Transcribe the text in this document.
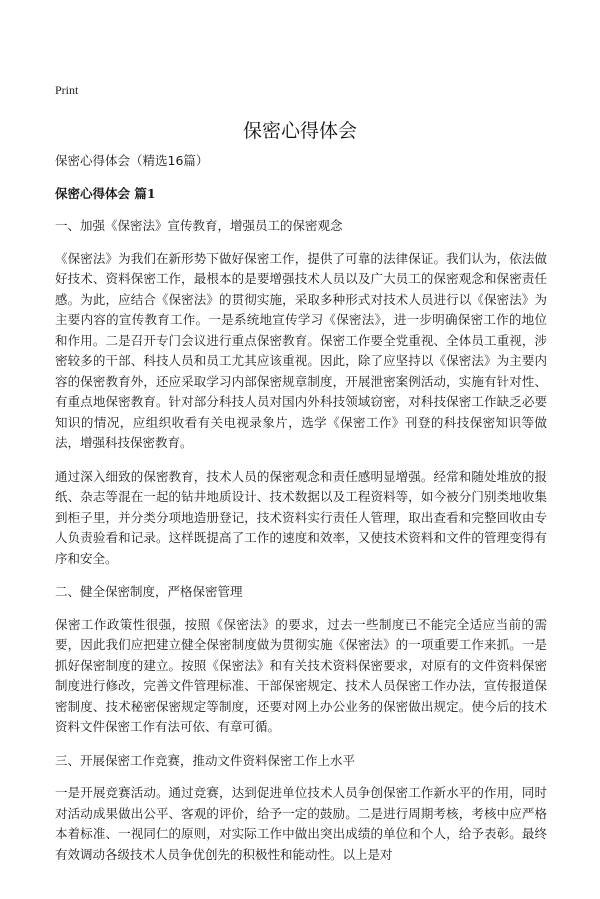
Print
保密心得体会

保密心得体会（精选16篇）

保密心得体会 篇1

一、加强《保密法》宣传教育，增强员工的保密观念

《保密法》为我们在新形势下做好保密工作，提供了可靠的法律保证。我们认为，依法做好技术、资料保密工作，最根本的是要增强技术人员以及广大员工的保密观念和保密责任感。为此，应结合《保密法》的贯彻实施，采取多种形式对技术人员进行以《保密法》为主要内容的宣传教育工作。一是系统地宣传学习《保密法》，进一步明确保密工作的地位和作用。二是召开专门会议进行重点保密教育。保密工作要全党重视、全体员工重视，涉密较多的干部、科技人员和员工尤其应该重视。因此，除了应坚持以《保密法》为主要内容的保密教育外，还应采取学习内部保密规章制度，开展泄密案例活动，实施有针对性、有重点地保密教育。针对部分科技人员对国内外科技领域窃密，对科技保密工作缺乏必要知识的情况，应组织收看有关电视录象片，选学《保密工作》刊登的科技保密知识等做法，增强科技保密教育。

通过深入细致的保密教育，技术人员的保密观念和责任感明显增强。经常和随处堆放的报纸、杂志等混在一起的钻井地质设计、技术数据以及工程资料等，如今被分门别类地收集到柜子里，并分类分项地造册登记，技术资料实行责任人管理，取出查看和完整回收由专人负责验看和记录。这样既提高了工作的速度和效率，又使技术资料和文件的管理变得有序和安全。

二、健全保密制度，严格保密管理

保密工作政策性很强，按照《保密法》的要求，过去一些制度已不能完全适应当前的需要，因此我们应把建立健全保密制度做为贯彻实施《保密法》的一项重要工作来抓。一是抓好保密制度的建立。按照《保密法》和有关技术资料保密要求，对原有的文件资料保密制度进行修改，完善文件管理标准、干部保密规定、技术人员保密工作办法，宣传报道保密制度、技术秘密保密规定等制度，还要对网上办公业务的保密做出规定。使今后的技术资料文件保密工作有法可依、有章可循。

三、开展保密工作竞赛，推动文件资料保密工作上水平

一是开展竞赛活动。通过竞赛，达到促进单位技术人员争创保密工作新水平的作用，同时对活动成果做出公平、客观的评价，给予一定的鼓励。二是进行周期考核，考核中应严格本着标准、一视同仁的原则，对实际工作中做出突出成绩的单位和个人，给予表彰。最终有效调动各级技术人员争优创先的积极性和能动性。以上是对
